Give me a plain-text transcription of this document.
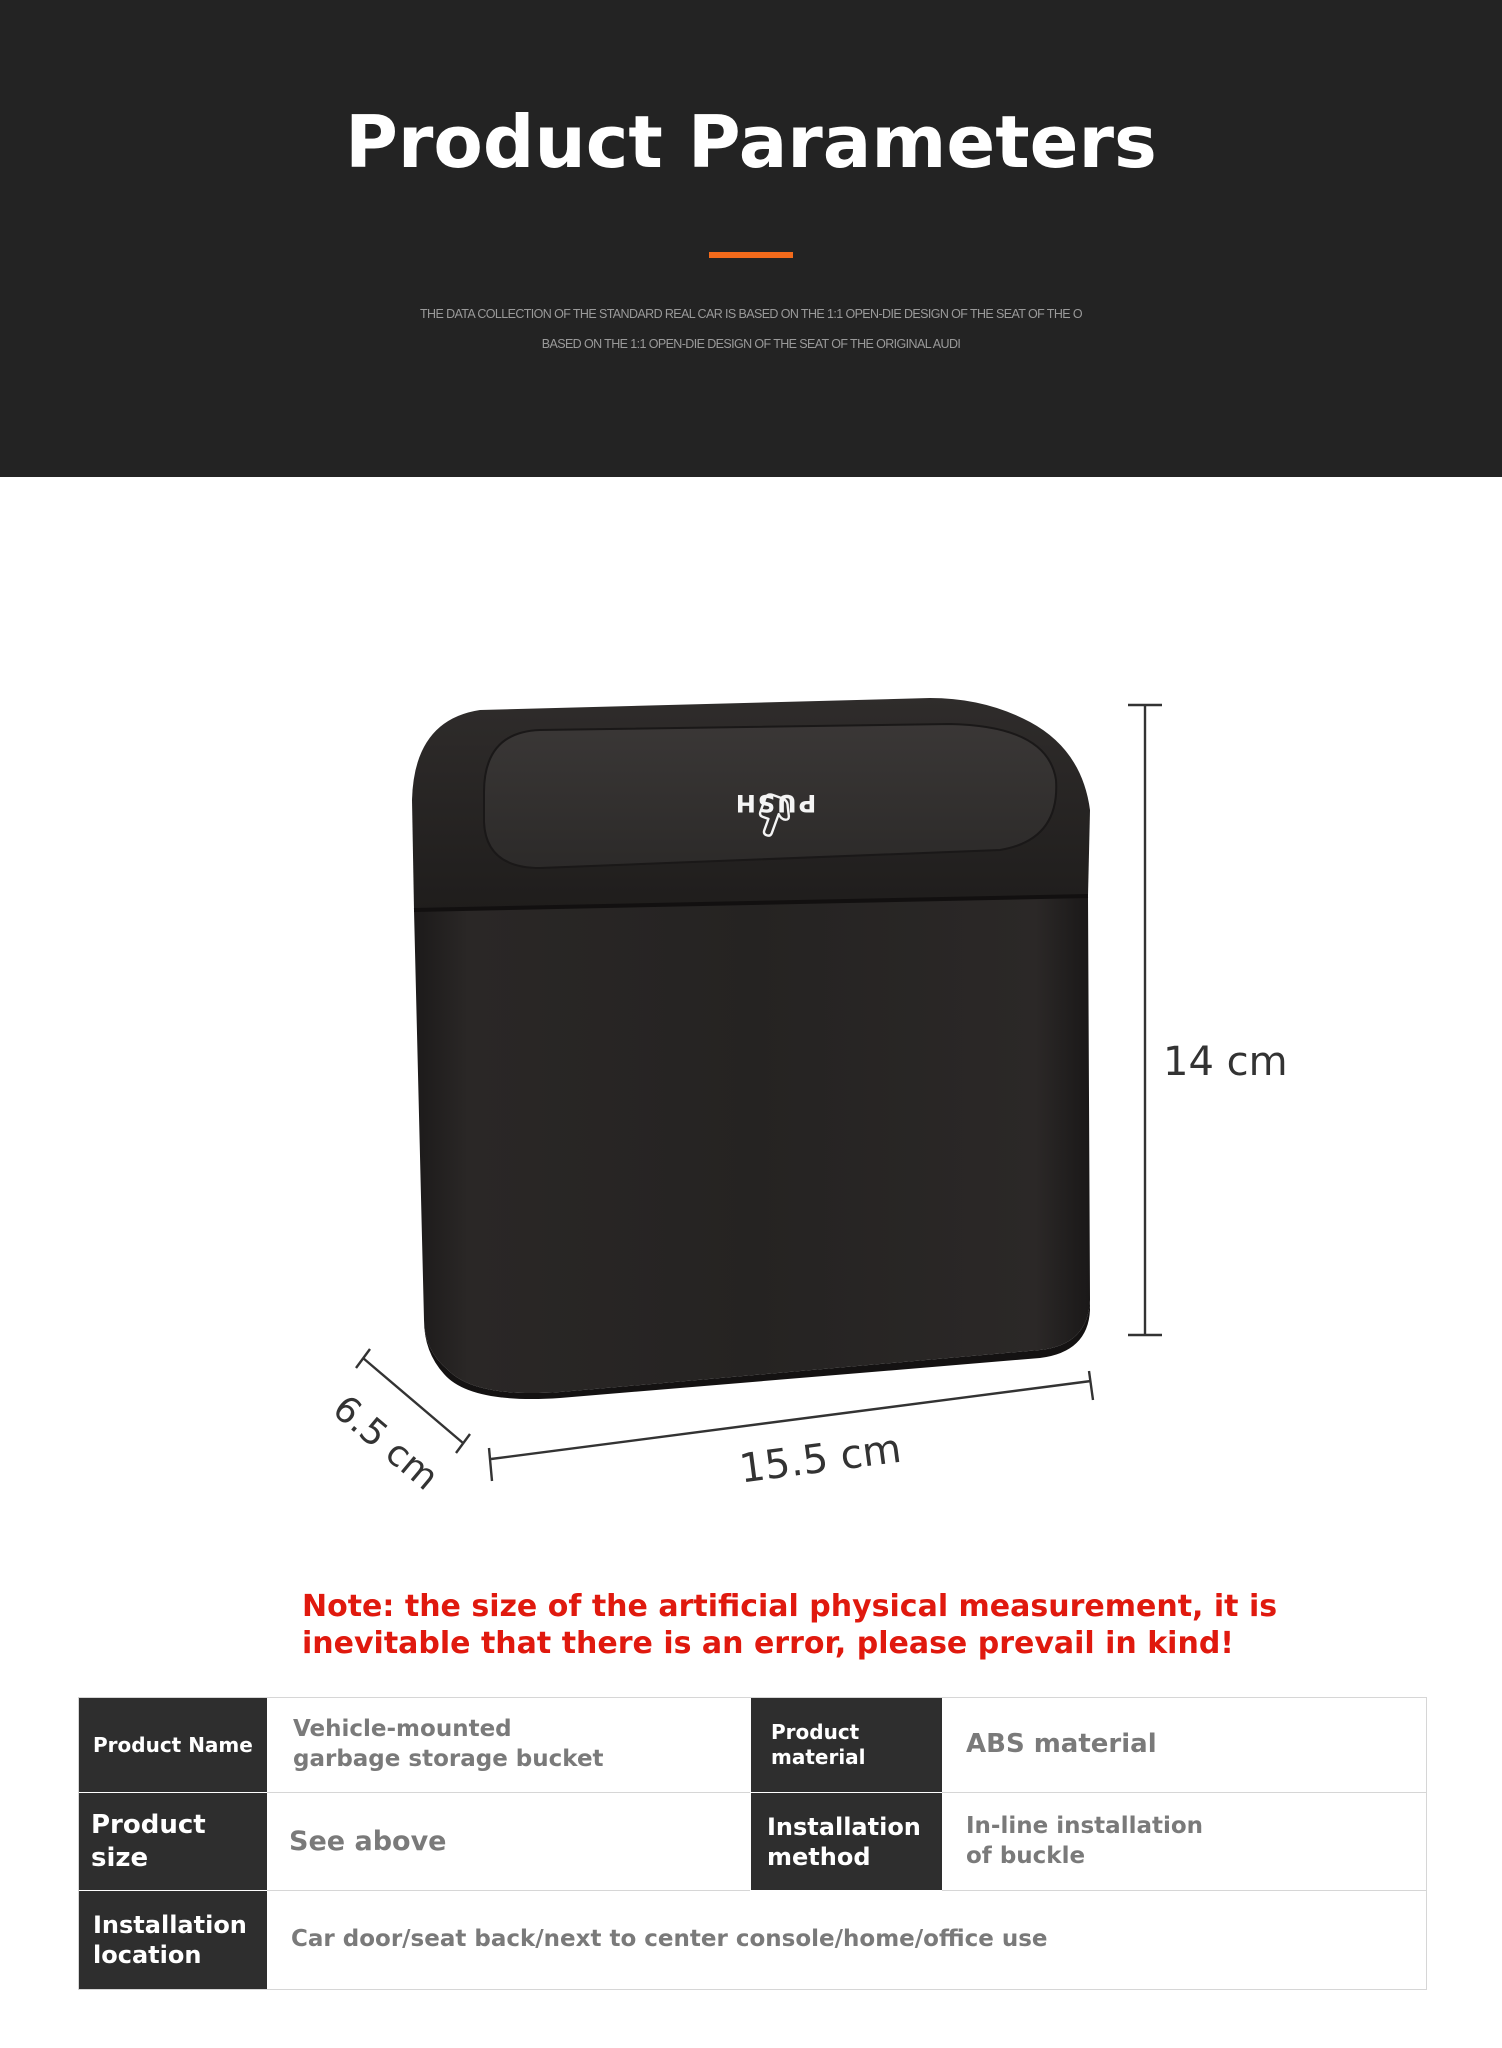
Product Parameters
THE DATA COLLECTION OF THE STANDARD REAL CAR IS BASED ON THE 1:1 OPEN-DIE DESIGN OF THE SEAT OF THE O
BASED ON THE 1:1 OPEN-DIE DESIGN OF THE SEAT OF THE ORIGINAL AUDI
PUSH
14 cm
15.5 cm
6.5 cm
Note: the size of the artificial physical measurement, it is
inevitable that there is an error, please prevail in kind!
Product Name
Vehicle-mounted
garbage storage bucket
Product
material	ABS material
Product size
See above	Installation
method
In-line installation
of buckle
Installation
location
Car door/seat back/next to center console/home/office use
